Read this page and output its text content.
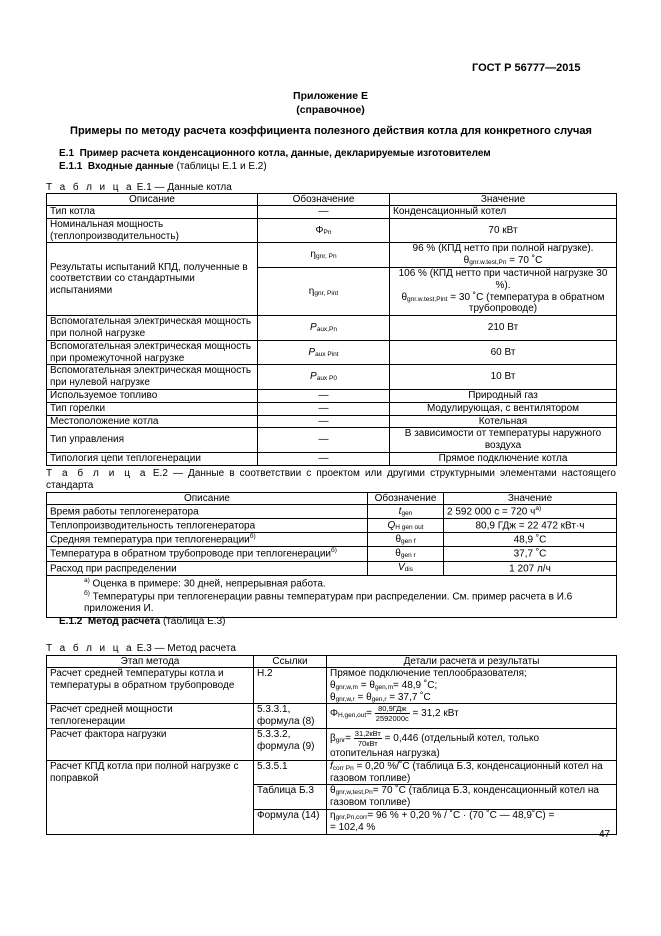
ГОСТ Р 56777—2015
Приложение Е
(справочное)
Примеры по методу расчета коэффициента полезного действия котла для конкретного случая
Е.1 Пример расчета конденсационного котла, данные, декларируемые изготовителем
Е.1.1 Входные данные (таблицы Е.1 и Е.2)
Т а б л и ц а Е.1 — Данные котла
Описание	Обозначение	Значение
Тип котла	—	Конденсационный котел
Номинальная мощность (теплопроизводительность)	$\Phi_{Pn}$	70 кВт
Результаты испытаний КПД, полученные в соответствии со стандартными испытаниями	$\eta_{gnr, Pn}$	96 % (КПД нетто при полной нагрузке).
$\theta_{gnr.w.test,Pn} = 70$ ˚С

	$\eta_{gnr, Pint}$	106 % (КПД нетто при частичной нагрузке 30 %).
$\theta_{gnr.w.test,Pint} = 30$ ˚С (температура в обратном трубопроводе)

Вспомогательная электрическая мощность при полной нагрузке	$P_{aux,Pn}$	210 Вт
Вспомогательная электрическая мощность при промежуточной нагрузке	$P_{aux Pint}$	60 Вт
Вспомогательная электрическая мощность при нулевой нагрузке	$P_{aux P0}$	10 Вт
Используемое топливо	—	Природный газ
Тип горелки	—	Модулирующая, с вентилятором
Местоположение котла	—	Котельная
Тип управления	—	В зависимости от температуры наружного воздуха
Типология цепи теплогенерации	—	Прямое подключение котла
Т а б л и ц а Е.2 — Данные в соответствии с проектом или другими структурными элементами настоящего стандарта
Описание	Обозначение	Значение
Время работы теплогенератора	$t_{gen}$	2 592 000 с = 720 $ч^{а)}$
Теплопроизводительность теплогенератора	$Q_{H gen out}$	80,9 ГДж = 22 472 кВт·ч
Средняя температура при теплогенерации$^{б)}$	$\theta_{gen f}$	48,9 ˚С
Температура в обратном трубопроводе при теплогенерации$^{б)}$	$\theta_{gen r}$	37,7 ˚С
Расход при распределении	$V_{dis}$	1 207 л/ч

$^{а)}$ Оценка в примере: 30 дней, непрерывная работа.
$^{б)}$ Температуры при теплогенерации равны температурам при распределении. См. пример расчета в И.6 приложения И.		
Е.1.2 Метод расчета (таблица Е.3)
Т а б л и ц а Е.3 — Метод расчета
Этап метода	Ссылки	Детали расчета и результаты
Расчет средней температуры котла и температуры в обратном трубопроводе	Н.2	Прямое подключение теплообразователя;
$\theta_{gnr,w,m} = \theta_{gen,m}= 48,9$ ˚С;
$\theta_{gnr,w,r} = \theta_{gen,r} = 37,7$ ˚С

Расчет средней мощности теплогенерации	5.3.3.1, формула (8)	$\Phi_{H,gen,out}= \frac{\text{80,9ГДж}}{2592000с} = 31,2$ кВт
Расчет фактора нагрузки	5.3.3.2, формула (9)	$\beta_{gnr}= \frac{\text{31,2кВт}}{\text{70кВт}} = 0,446$ (отдельный котел, только
отопительная нагрузка)

Расчет КПД котла при полной нагрузке с поправкой	5.3.5.1	$f_{corr Pn} = 0,20$ %/˚С (таблица Б.3, конденсационный котел на газовом топливе)
	Таблица Б.3	$\theta_{gnr,w,test,Pn}= 70$ ˚С (таблица Б.3, конденсационный котел на газовом топливе)
	Формула (14)	$\eta_{gnr,Pn,corr}= 96$ % + 0,20 % / ˚С · (70 ˚С — 48,9˚С) =
= 102,4 %
47
